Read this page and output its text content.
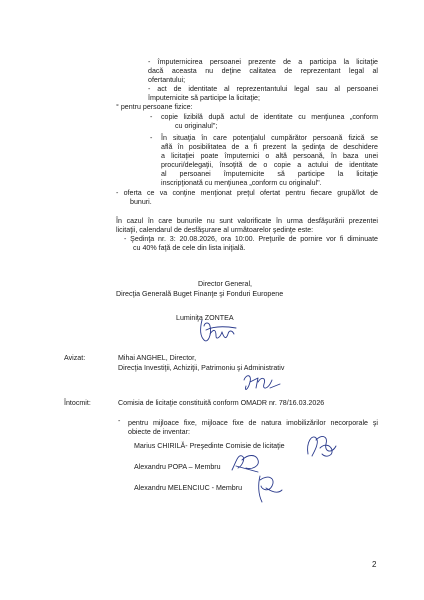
- împuternicirea persoanei prezente de a participa la licitaţie
dacă aceasta nu deţine calitatea de reprezentant legal al
ofertantului;
- act de identitate al reprezentantului legal sau al persoanei
împuternicite să participe la licitaţie;
° pentru persoane fizice:
- copie lizibilă după actul de identitate cu menţiunea „conform
cu originalul";
- În situaţia în care potenţialul cumpărător persoană fizică se
află în posibilitatea de a fi prezent la şedinţa de deschidere
a licitaţiei poate împuternici o altă persoană, în baza unei
procuri/delegaţii, însoţită de o copie a actului de identitate
al persoanei împuternicite să participe la licitaţie
inscripţionată cu menţiunea „conform cu originalul".
- oferta ce va conţine menţionat preţul ofertat pentru fiecare grupă/lot de
bunuri.
În cazul în care bunurile nu sunt valorificate în urma desfăşurării prezentei
licitaţii, calendarul de desfăşurare al următoarelor şedinţe este:
- Şedinţa nr. 3: 20.08.2026, ora 10:00. Preţurile de pornire vor fi diminuate
cu 40% faţă de cele din lista iniţială.
Director General,
Direcţia Generală Buget Finanţe şi Fonduri Europene
Luminiţa ZONTEA
Avizat:	Mihai ANGHEL, Director,
Direcţia Investiţii, Achiziţii, Patrimoniu şi Administrativ
Întocmit:	Comisia de licitaţie constituită conform OMADR nr. 78/16.03.2026
- pentru mijloace fixe, mijloace fixe de natura imobilizărilor necorporale şi
obiecte de inventar:
Marius CHIRILĂ- Preşedinte Comisie de licitaţie
Alexandru POPA – Membru
Alexandru MELENCIUC - Membru
2
